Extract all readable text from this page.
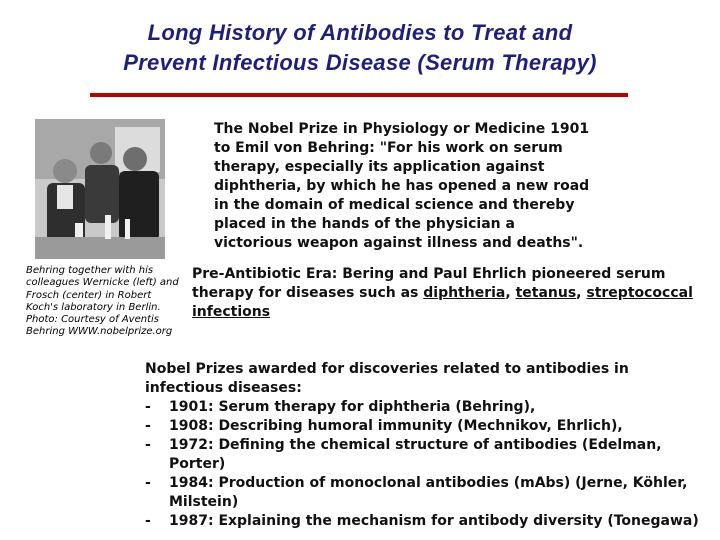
Long History of Antibodies to Treat and
Prevent Infectious Disease (Serum Therapy)
The Nobel Prize in Physiology or Medicine 1901 to Emil von Behring: "For his work on serum therapy, especially its application against diphtheria, by which he has opened a new road in the domain of medical science and thereby placed in the hands of the physician a victorious weapon against illness and deaths".
Behring together with his colleagues Wernicke (left) and Frosch (center) in Robert Koch's laboratory in Berlin. Photo: Courtesy of Aventis Behring WWW.nobelprize.org
Pre-Antibiotic Era: Bering and Paul Ehrlich pioneered serum therapy for diseases such as diphtheria, tetanus, streptococcal infections
Nobel Prizes awarded for discoveries related to antibodies in infectious diseases:
- 1901: Serum therapy for diphtheria (Behring),
- 1908: Describing humoral immunity (Mechnikov, Ehrlich),
- 1972: Defining the chemical structure of antibodies (Edelman, Porter)
- 1984: Production of monoclonal antibodies (mAbs) (Jerne, Köhler, Milstein)
- 1987: Explaining the mechanism for antibody diversity (Tonegawa)
